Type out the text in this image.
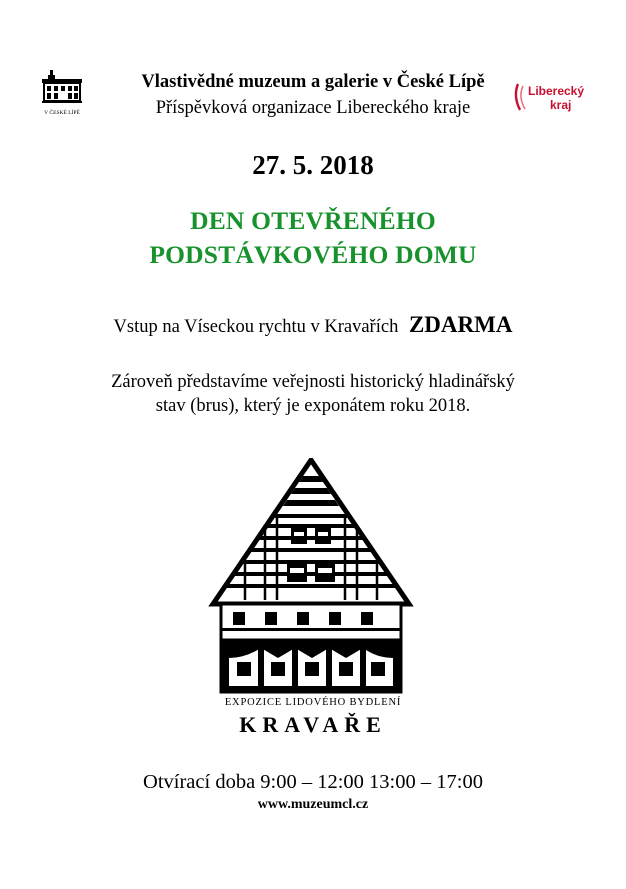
V ČESKÉ LÍPĚ
Liberecký
kraj
Vlastivědné muzeum a galerie v České Lípě
Příspěvková organizace Libereckého kraje
27. 5. 2018
DEN OTEVŘENÉHO
PODSTÁVKOVÉHO DOMU
Vstup na Víseckou rychtu v Kravařích ZDARMA
Zároveň představíme veřejnosti historický hladinářský
stav (brus), který je exponátem roku 2018.
EXPOZICE LIDOVÉHO BYDLENÍ
KRAVAŘE
Otvírací doba 9:00 – 12:00 13:00 – 17:00
www.muzeumcl.cz
